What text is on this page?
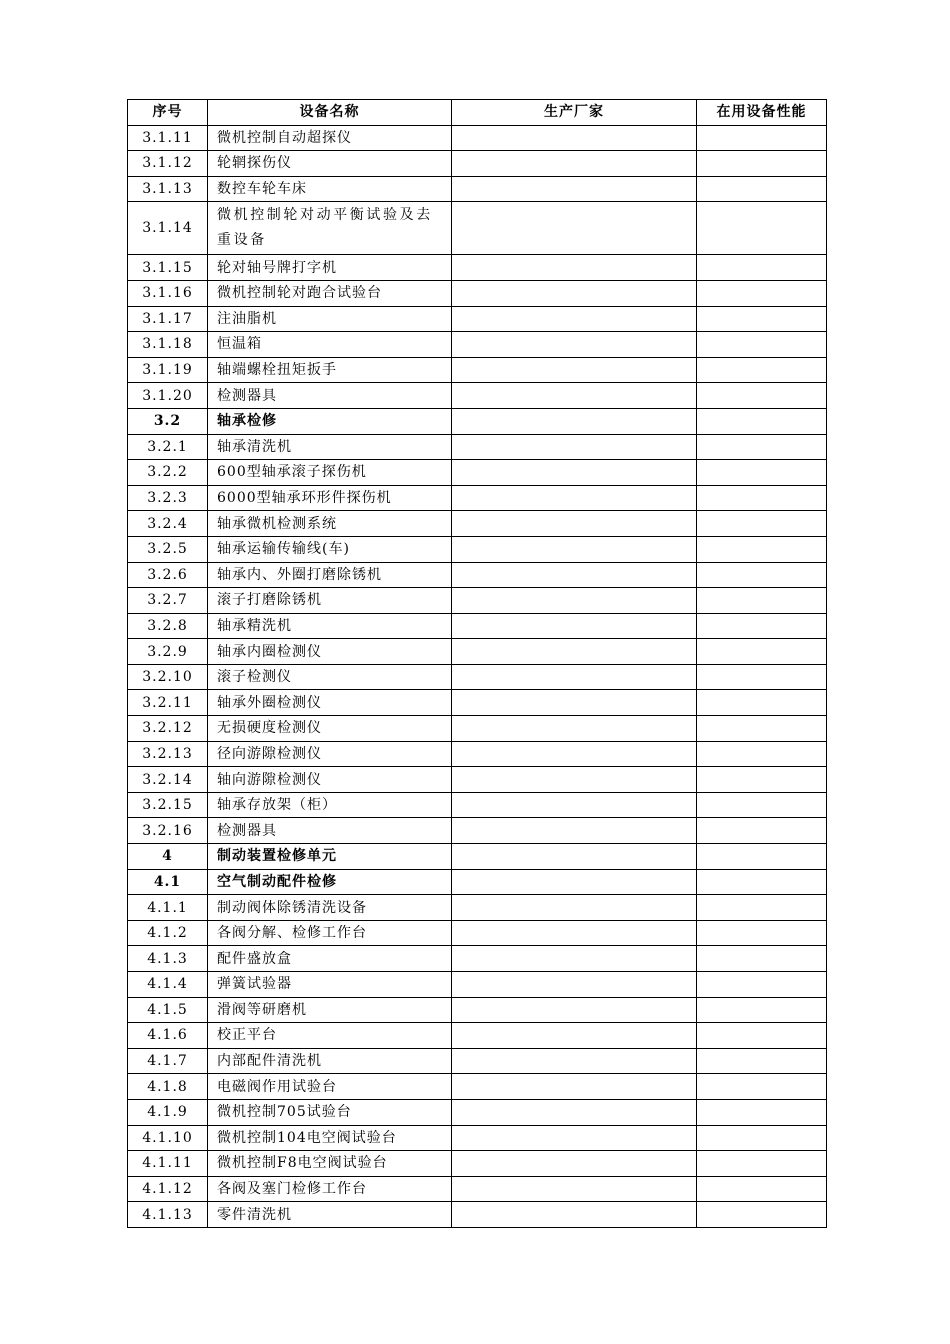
序号	设备名称	生产厂家	在用设备性能
3.1.11	微机控制自动超探仪		
3.1.12	轮辋探伤仪		
3.1.13	数控车轮车床		
3.1.14	微机控制轮对动平衡试验及去重设备		
3.1.15	轮对轴号牌打字机		
3.1.16	微机控制轮对跑合试验台		
3.1.17	注油脂机		
3.1.18	恒温箱		
3.1.19	轴端螺栓扭矩扳手		
3.1.20	检测器具		
3.2	轴承检修		
3.2.1	轴承清洗机		
3.2.2	600型轴承滚子探伤机		
3.2.3	6000型轴承环形件探伤机		
3.2.4	轴承微机检测系统		
3.2.5	轴承运输传输线(车)		
3.2.6	轴承内、外圈打磨除锈机		
3.2.7	滚子打磨除锈机		
3.2.8	轴承精洗机		
3.2.9	轴承内圈检测仪		
3.2.10	滚子检测仪		
3.2.11	轴承外圈检测仪		
3.2.12	无损硬度检测仪		
3.2.13	径向游隙检测仪		
3.2.14	轴向游隙检测仪		
3.2.15	轴承存放架（柜）		
3.2.16	检测器具		
4	制动装置检修单元		
4.1	空气制动配件检修		
4.1.1	制动阀体除锈清洗设备		
4.1.2	各阀分解、检修工作台		
4.1.3	配件盛放盒		
4.1.4	弹簧试验器		
4.1.5	滑阀等研磨机		
4.1.6	校正平台		
4.1.7	内部配件清洗机		
4.1.8	电磁阀作用试验台		
4.1.9	微机控制705试验台		
4.1.10	微机控制104电空阀试验台		
4.1.11	微机控制F8电空阀试验台		
4.1.12	各阀及塞门检修工作台		
4.1.13	零件清洗机		
